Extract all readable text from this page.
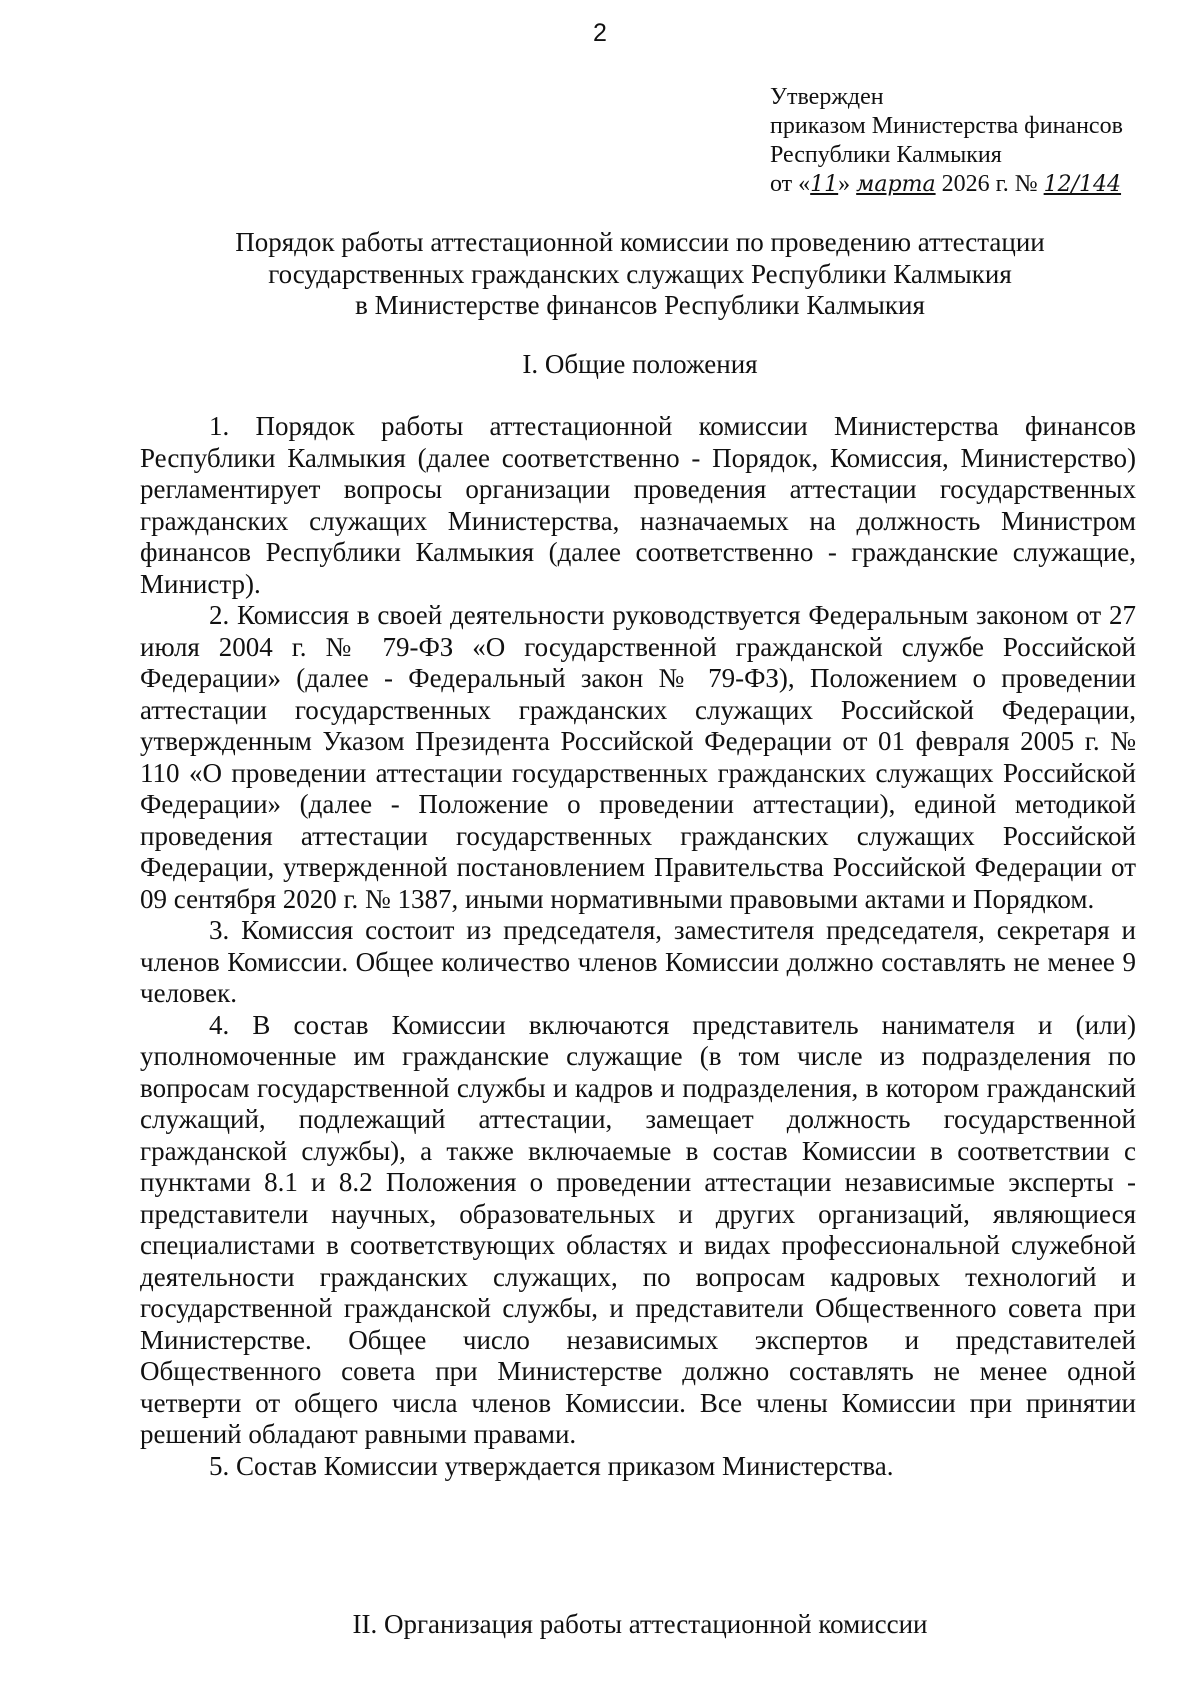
2
Утвержден
приказом Министерства финансов
Республики Калмыкия
от «11» марта 2026 г. № 12/144
Порядок работы аттестационной комиссии по проведению аттестации
государственных гражданских служащих Республики Калмыкия
в Министерстве финансов Республики Калмыкия
I. Общие положения

1. Порядок работы аттестационной комиссии Министерства финансов Республики Калмыкия (далее соответственно - Порядок, Комиссия, Министерство) регламентирует вопросы организации проведения аттестации государственных гражданских служащих Министерства, назначаемых на должность Министром финансов Республики Калмыкия (далее соответственно - гражданские служащие, Министр).

2. Комиссия в своей деятельности руководствуется Федеральным законом от 27 июля 2004 г. № 79-ФЗ «О государственной гражданской службе Российской Федерации» (далее - Федеральный закон № 79-ФЗ), Положением о проведении аттестации государственных гражданских служащих Российской Федерации, утвержденным Указом Президента Российской Федерации от 01 февраля 2005 г. № 110 «О проведении аттестации государственных гражданских служащих Российской Федерации» (далее - Положение о проведении аттестации), единой методикой проведения аттестации государственных гражданских служащих Российской Федерации, утвержденной постановлением Правительства Российской Федерации от 09 сентября 2020 г. № 1387, иными нормативными правовыми актами и Порядком.

3. Комиссия состоит из председателя, заместителя председателя, секретаря и членов Комиссии. Общее количество членов Комиссии должно составлять не менее 9 человек.

4. В состав Комиссии включаются представитель нанимателя и (или) уполномоченные им гражданские служащие (в том числе из подразделения по вопросам государственной службы и кадров и подразделения, в котором гражданский служащий, подлежащий аттестации, замещает должность государственной гражданской службы), а также включаемые в состав Комиссии в соответствии с пунктами 8.1 и 8.2 Положения о проведении аттестации независимые эксперты - представители научных, образовательных и других организаций, являющиеся специалистами в соответствующих областях и видах профессиональной служебной деятельности гражданских служащих, по вопросам кадровых технологий и государственной гражданской службы, и представители Общественного совета при Министерстве. Общее число независимых экспертов и представителей Общественного совета при Министерстве должно составлять не менее одной четверти от общего числа членов Комиссии. Все члены Комиссии при принятии решений обладают равными правами.

5. Состав Комиссии утверждается приказом Министерства.

II. Организация работы аттестационной комиссии
